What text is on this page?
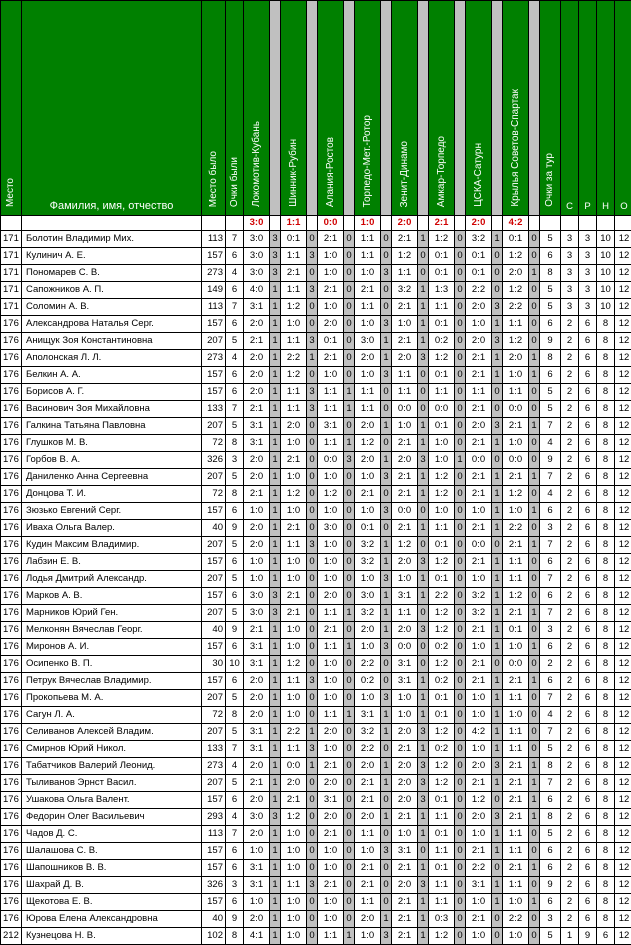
Место	Фамилия, имя, отчество	Место было	Очки были	Локомотив-Кубань		Шинник-Рубин		Алания-Ростов		Торпедо-Мет.-Ротор		Зенит-Динамо		Амкар-Торпедо		ЦСКА-Сатурн		Крылья Советов-Спартак		Очки за тур	С	Р	Н	О
				3:0		1:1		0:0		1:0		2:0		2:1		2:0		4:2						
171	Болотин Владимир Мих.	113	7	3:0	3	0:1	0	2:1	0	1:1	0	2:1	1	1:2	0	3:2	1	0:1	0	5	3	3	10	12
171	Кулинич А. Е.	157	6	3:0	3	1:1	3	1:0	0	1:1	0	1:2	0	0:1	0	0:1	0	1:2	0	6	3	3	10	12
171	Пономарев С. В.	273	4	3:0	3	2:1	0	1:0	0	1:0	3	1:1	0	0:1	0	0:1	0	2:0	1	8	3	3	10	12
171	Сапожников А. П.	149	6	4:0	1	1:1	3	2:1	0	2:1	0	3:2	1	1:3	0	2:2	0	1:2	0	5	3	3	10	12
171	Соломин А. В.	113	7	3:1	1	1:2	0	1:0	0	1:1	0	2:1	1	1:1	0	2:0	3	2:2	0	5	3	3	10	12
176	Александрова Наталья Серг.	157	6	2:0	1	1:0	0	2:0	0	1:0	3	1:0	1	0:1	0	1:0	1	1:1	0	6	2	6	8	12
176	Анищук Зоя Константиновна	207	5	2:1	1	1:1	3	0:1	0	3:0	1	2:1	1	0:2	0	2:0	3	1:2	0	9	2	6	8	12
176	Аполонская Л. Л.	273	4	2:0	1	2:2	1	2:1	0	2:0	1	2:0	3	1:2	0	2:1	1	2:0	1	8	2	6	8	12
176	Белкин А. А.	157	6	2:0	1	1:2	0	1:0	0	1:0	3	1:1	0	0:1	0	2:1	1	1:0	1	6	2	6	8	12
176	Борисов А. Г.	157	6	2:0	1	1:1	3	1:1	1	1:1	0	1:1	0	1:1	0	1:1	0	1:1	0	5	2	6	8	12
176	Васинович Зоя Михайловна	133	7	2:1	1	1:1	3	1:1	1	1:1	0	0:0	0	0:0	0	2:1	0	0:0	0	5	2	6	8	12
176	Галкина Татьяна Павловна	207	5	3:1	1	2:0	0	3:1	0	2:0	1	1:0	1	0:1	0	2:0	3	2:1	1	7	2	6	8	12
176	Глушков М. В.	72	8	3:1	1	1:0	0	1:1	1	1:2	0	2:1	1	1:0	0	2:1	1	1:0	0	4	2	6	8	12
176	Горбов В. А.	326	3	2:0	1	2:1	0	0:0	3	2:0	1	2:0	3	1:0	1	0:0	0	0:0	0	9	2	6	8	12
176	Даниленко Анна Сергеевна	207	5	2:0	1	1:0	0	1:0	0	1:0	3	2:1	1	1:2	0	2:1	1	2:1	1	7	2	6	8	12
176	Донцова Т. И.	72	8	2:1	1	1:2	0	1:2	0	2:1	0	2:1	1	1:2	0	2:1	1	1:2	0	4	2	6	8	12
176	Зюзько Евгений Серг.	157	6	1:0	1	1:0	0	1:0	0	1:0	3	0:0	0	1:0	0	1:0	1	1:0	1	6	2	6	8	12
176	Иваха Ольга Валер.	40	9	2:0	1	2:1	0	3:0	0	0:1	0	2:1	1	1:1	0	2:1	1	2:2	0	3	2	6	8	12
176	Кудин Максим Владимир.	207	5	2:0	1	1:1	3	1:0	0	3:2	1	1:2	0	0:1	0	0:0	0	2:1	1	7	2	6	8	12
176	Лабзин Е. В.	157	6	1:0	1	1:0	0	1:0	0	3:2	1	2:0	3	1:2	0	2:1	1	1:1	0	6	2	6	8	12
176	Лодья Дмитрий Александр.	207	5	1:0	1	1:0	0	1:0	0	1:0	3	1:0	1	0:1	0	1:0	1	1:1	0	7	2	6	8	12
176	Марков А. В.	157	6	3:0	3	2:1	0	2:0	0	3:0	1	3:1	1	2:2	0	3:2	1	1:2	0	6	2	6	8	12
176	Марников Юрий Ген.	207	5	3:0	3	2:1	0	1:1	1	3:2	1	1:1	0	1:2	0	3:2	1	2:1	1	7	2	6	8	12
176	Мелконян Вячеслав Георг.	40	9	2:1	1	1:0	0	2:1	0	2:0	1	2:0	3	1:2	0	2:1	1	0:1	0	3	2	6	8	12
176	Миронов А. И.	157	6	3:1	1	1:0	0	1:1	1	1:0	3	0:0	0	0:2	0	1:0	1	1:0	1	6	2	6	8	12
176	Осипенко В. П.	30	10	3:1	1	1:2	0	1:0	0	2:2	0	3:1	0	1:2	0	2:1	0	0:0	0	2	2	6	8	12
176	Петрук Вячеслав Владимир.	157	6	2:0	1	1:1	3	1:0	0	0:2	0	3:1	1	0:2	0	2:1	1	2:1	1	6	2	6	8	12
176	Прокопьева М. А.	207	5	2:0	1	1:0	0	1:0	0	1:0	3	1:0	1	0:1	0	1:0	1	1:1	0	7	2	6	8	12
176	Сагун Л. А.	72	8	2:0	1	1:0	0	1:1	1	3:1	1	1:0	1	0:1	0	1:0	1	1:0	0	4	2	6	8	12
176	Селиванов Алексей Владим.	207	5	3:1	1	2:2	1	2:0	0	3:2	1	2:0	3	1:2	0	4:2	1	1:1	0	7	2	6	8	12
176	Смирнов Юрий Никол.	133	7	3:1	1	1:1	3	1:0	0	2:2	0	2:1	1	0:2	0	1:0	1	1:1	0	5	2	6	8	12
176	Табатчиков Валерий Леонид.	273	4	2:0	1	0:0	1	2:1	0	2:0	1	2:0	3	1:2	0	2:0	3	2:1	1	8	2	6	8	12
176	Тыливанов Эрнст Васил.	207	5	2:1	1	2:0	0	2:0	0	2:1	1	2:0	3	1:2	0	2:1	1	2:1	1	7	2	6	8	12
176	Ушакова Ольга Валент.	157	6	2:0	1	2:1	0	3:1	0	2:1	0	2:0	3	0:1	0	1:2	0	2:1	1	6	2	6	8	12
176	Федорин Олег Васильевич	293	4	3:0	3	1:2	0	2:0	0	2:0	1	2:1	1	1:1	0	2:0	3	2:1	1	8	2	6	8	12
176	Чадов Д. С.	113	7	2:0	1	1:0	0	2:1	0	1:1	0	1:0	1	0:1	0	1:0	1	1:1	0	5	2	6	8	12
176	Шалашова С. В.	157	6	1:0	1	1:0	0	1:0	0	1:0	3	3:1	0	1:1	0	2:1	1	1:1	0	6	2	6	8	12
176	Шапошников В. В.	157	6	3:1	1	1:0	0	1:0	0	2:1	0	2:1	1	0:1	0	2:2	0	2:1	1	6	2	6	8	12
176	Шахрай Д. В.	326	3	3:1	1	1:1	3	2:1	0	2:1	0	2:0	3	1:1	0	3:1	1	1:1	0	9	2	6	8	12
176	Щекотова Е. В.	157	6	1:0	1	1:0	0	1:0	0	1:1	0	2:1	1	1:1	0	1:0	1	1:0	1	6	2	6	8	12
176	Юрова Елена Александровна	40	9	2:0	1	1:0	0	1:0	0	2:0	1	2:1	1	0:3	0	2:1	0	2:2	0	3	2	6	8	12
212	Кузнецова Н. В.	102	8	4:1	1	1:0	0	1:1	1	1:0	3	2:1	1	1:2	0	1:0	0	1:0	0	5	1	9	6	12
